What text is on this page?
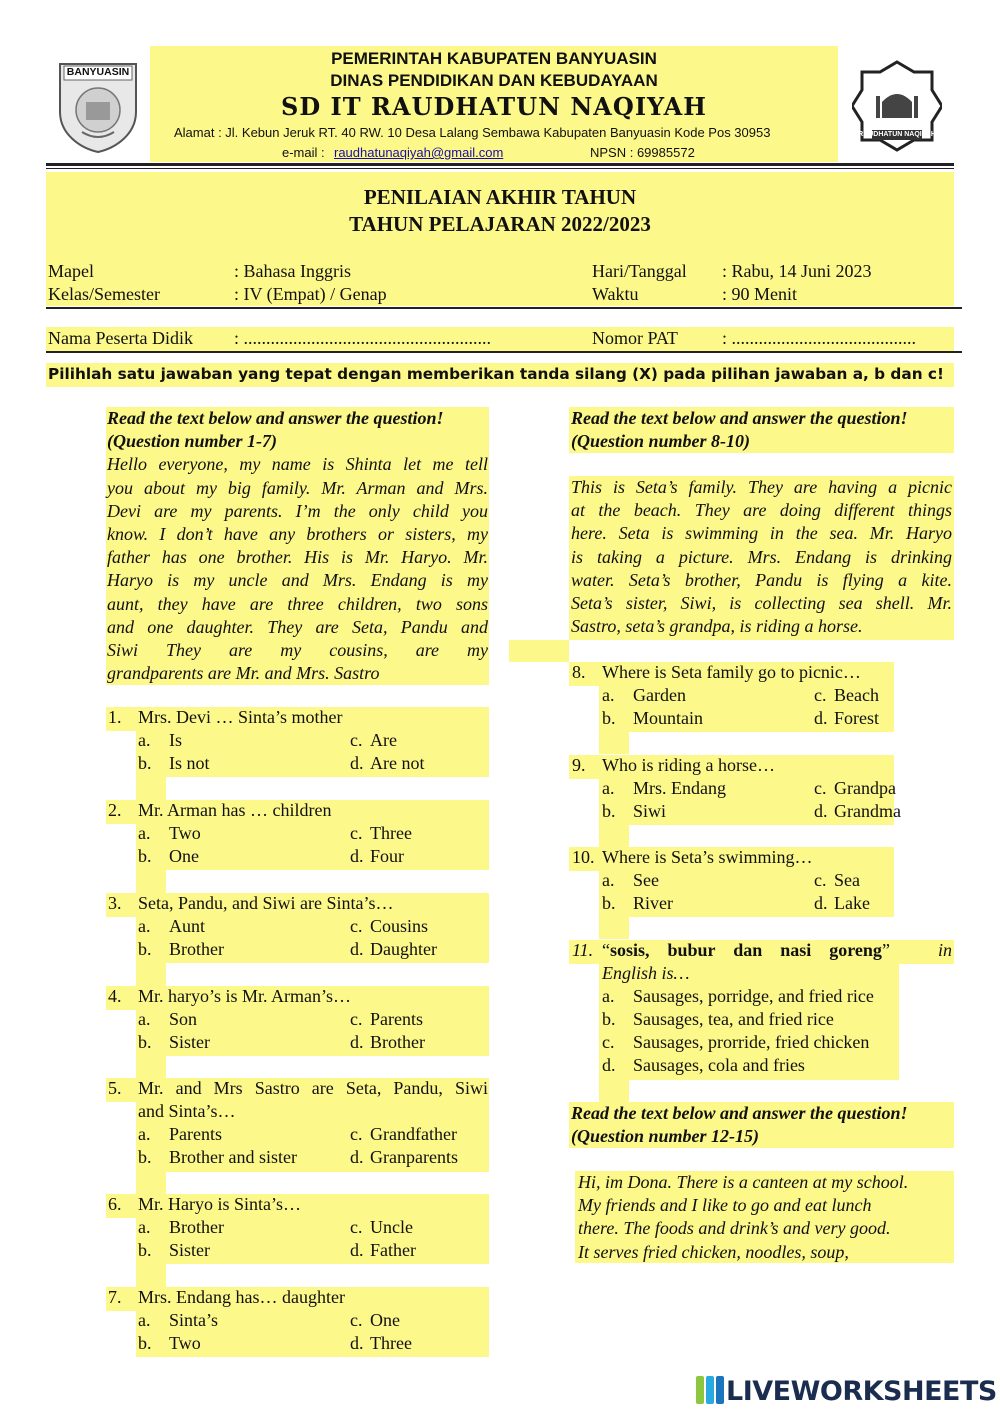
BANYUASIN
RAUDHATUN NAQIYAH
PEMERINTAH KABUPATEN BANYUASIN
DINAS PENDIDIKAN DAN KEBUDAYAAN
SD IT RAUDHATUN NAQIYAH
Alamat : Jl. Kebun Jeruk RT. 40 RW. 10 Desa Lalang Sembawa Kabupaten Banyuasin Kode Pos 30953
e-mail : raudhatunaqiyah@gmail.com	NPSN : 69985572
PENILAIAN AKHIR TAHUN
TAHUN PELAJARAN 2022/2023
Mapel	: Bahasa Inggris
Kelas/Semester	: IV (Empat) / Genap
Hari/Tanggal : Rabu, 14 Juni 2023
Waktu	: 90 Menit
Nama Peserta Didik : .......................................................	Nomor PAT : .........................................
Pilihlah satu jawaban yang tepat dengan memberikan tanda silang (X) pada pilihan jawaban a, b dan c!
Read the text below and answer the question!
(Question number 1-7)
Hello everyone, my name is Shinta let me tell
you about my big family. Mr. Arman and Mrs.
Devi are my parents. I’m the only child you
know. I don’t have any brothers or sisters, my
father has one brother. His is Mr. Haryo. Mr.
Haryo is my uncle and Mrs. Endang is my
aunt, they have are three children, two sons
and one daughter. They are Seta, Pandu and
Siwi They are my cousins, are my
grandparents are Mr. and Mrs. Sastro
1. Mrs. Devi … Sinta’s mother
a. Is
b. Is not
c. Are
d. Are not
2. Mr. Arman has … children
a. Two
b. One
c. Three
d. Four
3. Seta, Pandu, and Siwi are Sinta’s…
a. Aunt
b. Brother
c. Cousins
d. Daughter
4. Mr. haryo’s is Mr. Arman’s…
a. Son
b. Sister
c. Parents
d. Brother
5. Mr. and Mrs Sastro are Seta, Pandu, Siwi
and Sinta’s…
a. Parents
b. Brother and sister
c. Grandfather
d. Granparents
6. Mr. Haryo is Sinta’s…
a. Brother
b. Sister
c. Uncle
d. Father
7. Mrs. Endang has… daughter
a. Sinta’s
b. Two
c. One
d. Three
Read the text below and answer the question!
(Question number 8-10)
This is Seta’s family. They are having a picnic
at the beach. They are doing different things
here. Seta is swimming in the sea. Mr. Haryo
is taking a picture. Mrs. Endang is drinking
water. Seta’s brother, Pandu is flying a kite.
Seta’s sister, Siwi, is collecting sea shell. Mr.
Sastro, seta’s grandpa, is riding a horse.
8. Where is Seta family go to picnic…
a. Garden
b. Mountain
c. Beach
d. Forest
9. Who is riding a horse…
a. Mrs. Endang
b. Siwi
c. Grandpa
d. Grandma
10. Where is Seta’s swimming…
a. See
b. River
c. Sea
d. Lake
11. “sosis,    bubur    dan    nasi    goreng”	in
English is…
a. Sausages, porridge, and fried rice
b. Sausages, tea, and fried rice
c. Sausages, prorride, fried chicken
d. Sausages, cola and fries
Read the text below and answer the question!
(Question number 12-15)
Hi, im Dona. There is a canteen at my school.
My friends and I like to go and eat lunch
there. The foods and drink’s and very good.
It serves fried chicken, noodles, soup,
LIVEWORKSHEETS
